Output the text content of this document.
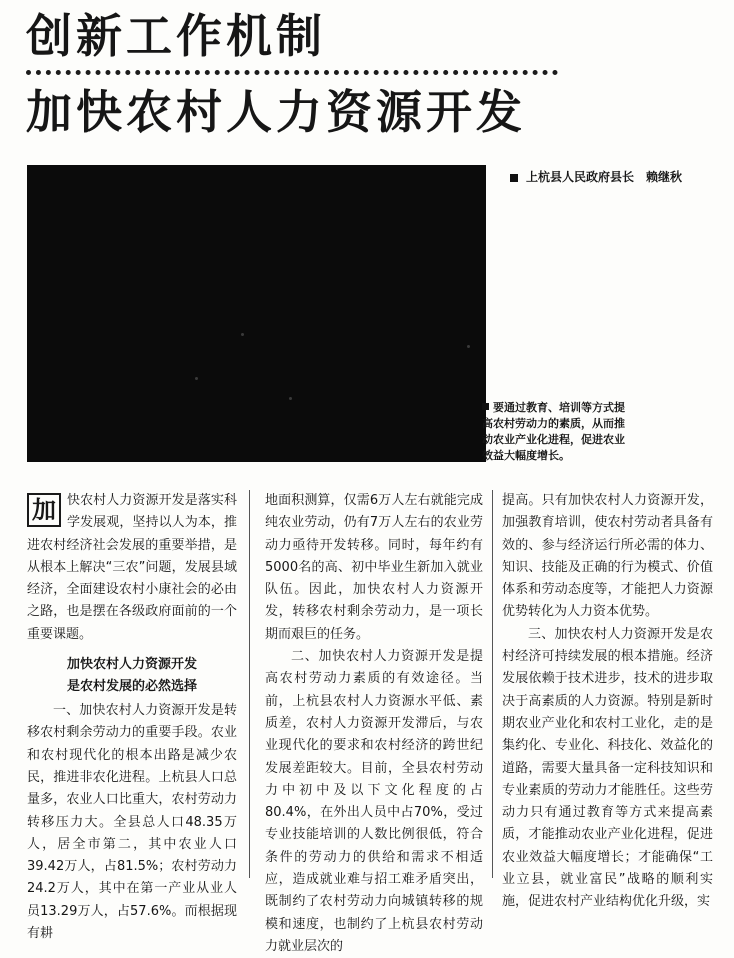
创新工作机制
加快农村人力资源开发
上杭县人民政府县长 赖继秋
要通过教育、培训等方式提高农村劳动力的素质，从而推动农业产业化进程，促进农业效益大幅度增长。
加 快农村人力资源开发是落实科学发展观，坚持以人为本，推进农村经济社会发展的重要举措，是从根本上解决“三农”问题，发展县域经济，全面建设农村小康社会的必由之路，也是摆在各级政府面前的一个重要课题。

加快农村人力资源开发
是农村发展的必然选择

一、加快农村人力资源开发是转移农村剩余劳动力的重要手段。农业和农村现代化的根本出路是减少农民，推进非农化进程。上杭县人口总量多，农业人口比重大，农村劳动力转移压力大。全县总人口48.35万人，居全市第二，其中农业人口39.42万人，占81.5%；农村劳动力24.2万人，其中在第一产业从业人员13.29万人，占57.6%。而根据现有耕

地面积测算，仅需6万人左右就能完成纯农业劳动，仍有7万人左右的农业劳动力亟待开发转移。同时，每年约有5000名的高、初中毕业生新加入就业队伍。因此，加快农村人力资源开发，转移农村剩余劳动力，是一项长期而艰巨的任务。

二、加快农村人力资源开发是提高农村劳动力素质的有效途径。当前，上杭县农村人力资源水平低、素质差，农村人力资源开发滞后，与农业现代化的要求和农村经济的跨世纪发展差距较大。目前，全县农村劳动力中初中及以下文化程度的占80.4%，在外出人员中占70%，受过专业技能培训的人数比例很低，符合条件的劳动力的供给和需求不相适应，造成就业难与招工难矛盾突出，既制约了农村劳动力向城镇转移的规模和速度，也制约了上杭县农村劳动力就业层次的

提高。只有加快农村人力资源开发，加强教育培训，使农村劳动者具备有效的、参与经济运行所必需的体力、知识、技能及正确的行为模式、价值体系和劳动态度等，才能把人力资源优势转化为人力资本优势。

三、加快农村人力资源开发是农村经济可持续发展的根本措施。经济发展依赖于技术进步，技术的进步取决于高素质的人力资源。特别是新时期农业产业化和农村工业化，走的是集约化、专业化、科技化、效益化的道路，需要大量具备一定科技知识和专业素质的劳动力才能胜任。这些劳动力只有通过教育等方式来提高素质，才能推动农业产业化进程，促进农业效益大幅度增长；才能确保“工业立县，就业富民”战略的顺利实施，促进农村产业结构优化升级，实
